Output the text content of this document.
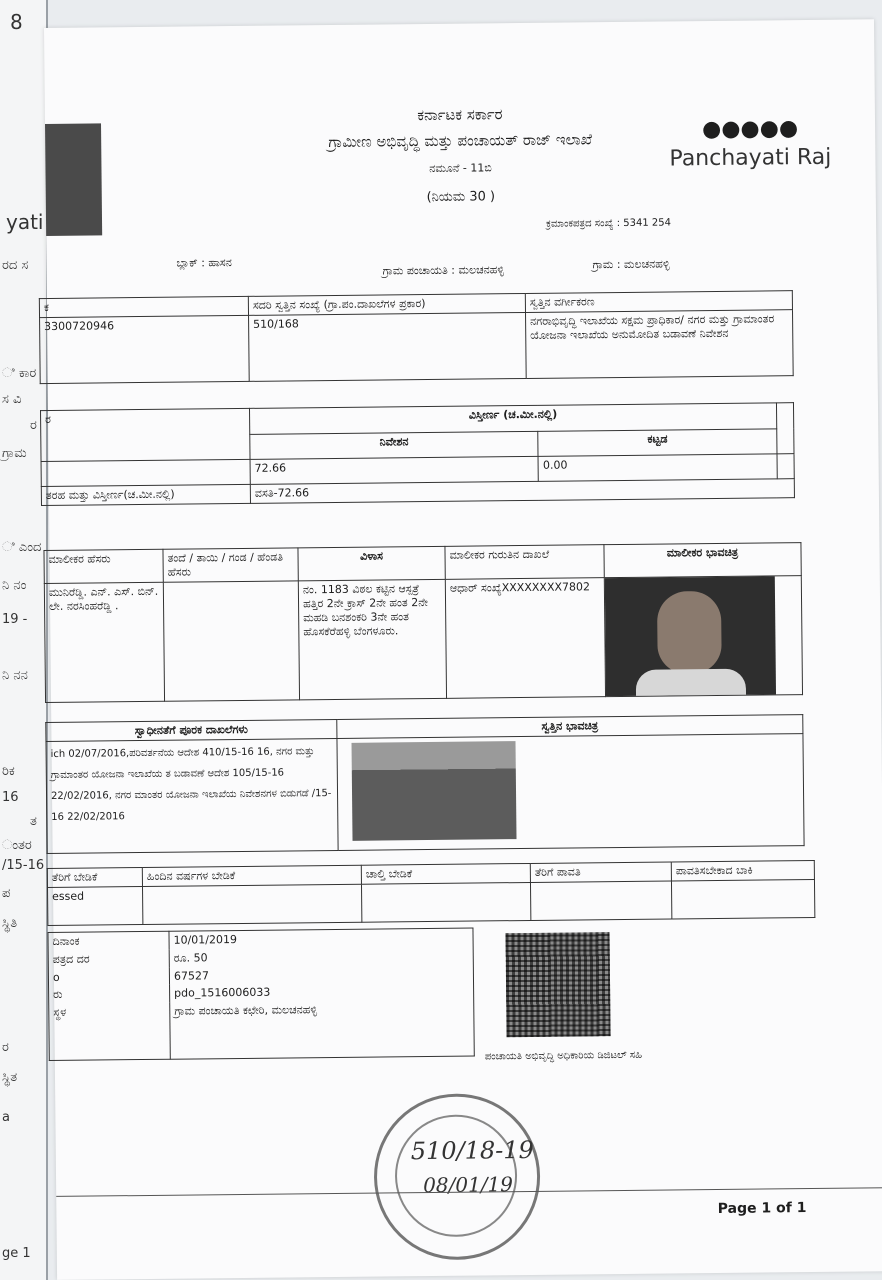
8
yati
ರದ ಸ
ಿ ಕಾರ
ಸ ವಿ
ರ
ಗ್ರಾಮ
ಿ ಎಂದ
ನಿ ನಂ
19 -
ನಿ ನನ
ರಿಕ
16
ತ
ಂತರ
/15-16
ಪ
ಸ್ಥಿತಿ
ರ
ಸ್ಥಿತ
a
ge 1
ಕರ್ನಾಟಕ ಸರ್ಕಾರ
ಗ್ರಾಮೀಣ ಅಭಿವೃದ್ಧಿ ಮತ್ತು ಪಂಚಾಯತ್ ರಾಜ್ ಇಲಾಖೆ
ನಮೂನೆ - 11ಬಿ
(ನಿಯಮ 30 )
●●●●●
Panchayati Raj
ಕ್ರಮಾಂಕಪತ್ರದ ಸಂಖ್ಯೆ : 5341 254
ಬ್ಲಾಕ್ : ಹಾಸನ
ಗ್ರಾಮ ಪಂಚಾಯತಿ : ಮಲಚನಹಳ್ಳಿ	ಗ್ರಾಮ : ಮಲಚನಹಳ್ಳಿ
ಕ	ಸದರಿ ಸ್ವತ್ತಿನ ಸಂಖ್ಯೆ (ಗ್ರಾ.ಪಂ.ದಾಖಲೆಗಳ ಪ್ರಕಾರ)	ಸ್ವತ್ತಿನ ವರ್ಗೀಕರಣ
3300720946	510/168	ನಗರಾಭಿವೃದ್ಧಿ ಇಲಾಖೆಯ ಸಕ್ಷಮ ಪ್ರಾಧಿಕಾರ/ ನಗರ ಮತ್ತು ಗ್ರಾಮಾಂತರ ಯೋಜನಾ ಇಲಾಖೆಯ ಅನುಮೋದಿತ ಬಡಾವಣೆ ನಿವೇಶನ
ರ	ವಿಸ್ತೀರ್ಣ (ಚ.ಮೀ.ನಲ್ಲಿ)		
	ನಿವೇಶನ	ಕಟ್ಟಡ	
	72.66	0.00	
ತರಹ ಮತ್ತು ವಿಸ್ತೀರ್ಣ(ಚ.ಮೀ.ನಲ್ಲಿ)	ವಸತಿ-72.66		
ಮಾಲೀಕರ ಹೆಸರು	ತಂದೆ / ತಾಯಿ / ಗಂಡ / ಹೆಂಡತಿ ಹೆಸರು	ವಿಳಾಸ	ಮಾಲೀಕರ ಗುರುತಿನ ದಾಖಲೆ	ಮಾಲೀಕರ ಭಾವಚಿತ್ರ
ಮುನಿರೆಡ್ಡಿ. ಎನ್. ಎಸ್. ಬಿನ್. ಲೇ. ನರಸಿಂಹರೆಡ್ಡಿ .		ನಂ. 1183 ವಿಠಲ ಕಟ್ಟಿನ ಆಸ್ಪತ್ರೆ ಹತ್ತಿರ 2ನೇ ಕ್ರಾಸ್ 2ನೇ ಹಂತ 2ನೇ ಮಹಡಿ ಬನಶಂಕರಿ 3ನೇ ಹಂತ ಹೊಸಕೆರೆಹಳ್ಳಿ ಬೆಂಗಳೂರು.	ಆಧಾರ್ ಸಂಖ್ಯೆXXXXXXXX7802	
ಸ್ವಾಧೀನತೆಗೆ ಪೂರಕ ದಾಖಲೆಗಳು	ಸ್ವತ್ತಿನ ಭಾವಚಿತ್ರ
ich 02/07/2016,ಪರಿವರ್ತನೆಯ ಆದೇಶ 410/15-16 16, ನಗರ ಮತ್ತು ಗ್ರಾಮಾಂತರ ಯೋಜನಾ ಇಲಾಖೆಯ ತ ಬಡಾವಣೆ ಆದೇಶ 105/15-16 22/02/2016, ನಗರ ಮಾಂತರ ಯೋಜನಾ ಇಲಾಖೆಯ ನಿವೇಶನಗಳ ಬಿಡುಗಡೆ /15-16 22/02/2016	
ತೆರಿಗೆ ಬೇಡಿಕೆ	ಹಿಂದಿನ ವರ್ಷಗಳ ಬೇಡಿಕೆ	ಚಾಲ್ತಿ ಬೇಡಿಕೆ	ತೆರಿಗೆ ಪಾವತಿ	ಪಾವತಿಸಬೇಕಾದ ಬಾಕಿ
essed				
ದಿನಾಂಕ	10/01/2019
ಪತ್ರದ ದರ	ರೂ. 50
o	67527
ರು	pdo_1516006033
ಸ್ಥಳ	ಗ್ರಾಮ ಪಂಚಾಯತಿ ಕಛೇರಿ, ಮಲಚನಹಳ್ಳಿ
ಪಂಚಾಯತಿ ಅಭಿವೃದ್ಧಿ ಅಧಿಕಾರಿಯ ಡಿಜಿಟಲ್ ಸಹಿ
510/18-19
08/01/19
Page 1 of 1
